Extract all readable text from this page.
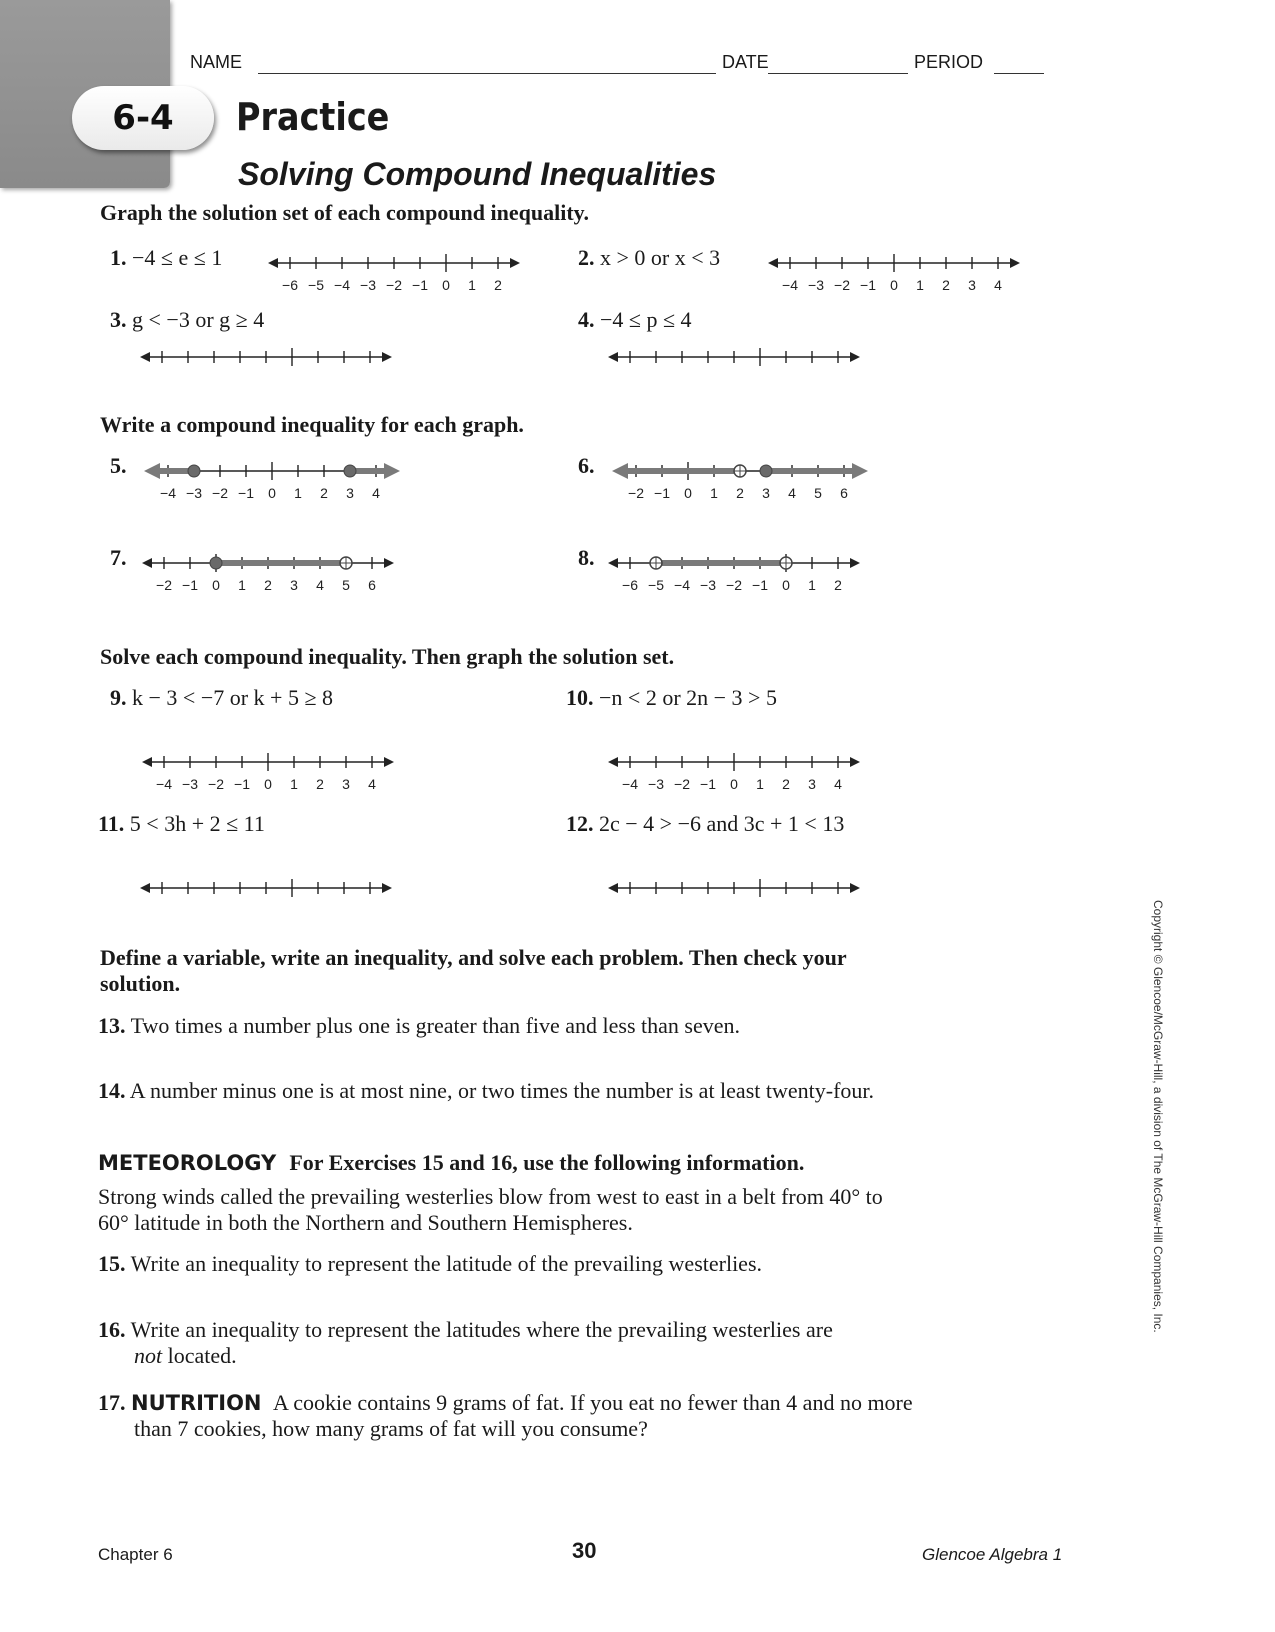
6-4	Practice
Solving Compound Inequalities
NAME	DATE	PERIOD
Graph the solution set of each compound inequality.
1. −4 ≤ e ≤ 1	2. x > 0 or x < 3
3. g < −3 or g ≥ 4	4. −4 ≤ p ≤ 4
Write a compound inequality for each graph.
5.	6.
7.	8.
Solve each compound inequality. Then graph the solution set.
9. k − 3 < −7 or k + 5 ≥ 8	10. −n < 2 or 2n − 3 > 5
11. 5 < 3h + 2 ≤ 11	12. 2c − 4 > −6 and 3c + 1 < 13
Define a variable, write an inequality, and solve each problem. Then check your
solution.
13. Two times a number plus one is greater than five and less than seven.
14. A number minus one is at most nine, or two times the number is at least twenty-four.
METEOROLOGY For Exercises 15 and 16, use the following information.
Strong winds called the prevailing westerlies blow from west to east in a belt from 40° to
60° latitude in both the Northern and Southern Hemispheres.
15. Write an inequality to represent the latitude of the prevailing westerlies.
16. Write an inequality to represent the latitudes where the prevailing westerlies are
not located.
17. NUTRITION A cookie contains 9 grams of fat. If you eat no fewer than 4 and no more
than 7 cookies, how many grams of fat will you consume?
Chapter 6	30	Glencoe Algebra 1
Copyright © Glencoe/McGraw-Hill, a division of The McGraw-Hill Companies, Inc.
−6 −5 −4 −3 −2 −1 0 1 2	−4 −3 −2 −1 0 1 2 3 4
−4 −3 −2 −1 0 1 2 3 4	−2 −1 0 1 2 3 4 5 6
−2 −1 0 1 2 3 4 5 6	−6 −5 −4 −3 −2 −1 0 1 2
−4 −3 −2 −1 0 1 2 3 4	−4 −3 −2 −1 0 1 2 3 4
